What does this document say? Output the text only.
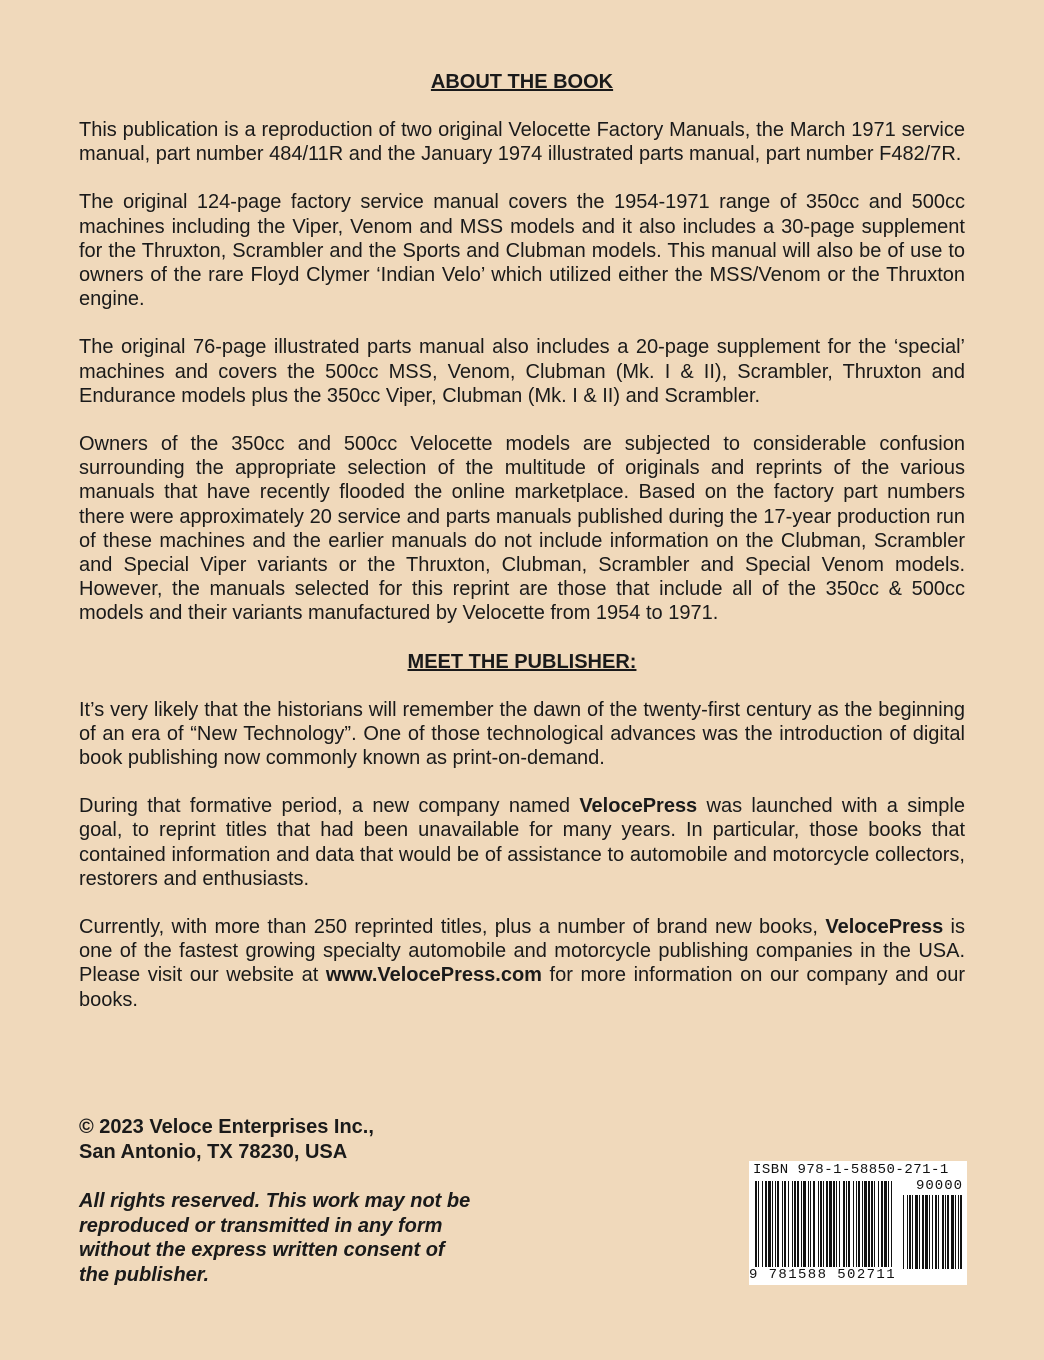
ABOUT THE BOOK

This publication is a reproduction of two original Velocette Factory Manuals, the March 1971 service manual, part number 484/11R and the January 1974 illustrated parts manual, part number F482/7R.

The original 124-page factory service manual covers the 1954-1971 range of 350cc and 500cc machines including the Viper, Venom and MSS models and it also includes a 30-page supplement for the Thruxton, Scrambler and the Sports and Clubman models. This manual will also be of use to owners of the rare Floyd Clymer ‘Indian Velo’ which utilized either the MSS/Venom or the Thruxton engine.

The original 76-page illustrated parts manual also includes a 20-page supplement for the ‘special’ machines and covers the 500cc MSS, Venom, Clubman (Mk. I & II), Scrambler, Thruxton and Endurance models plus the 350cc Viper, Clubman (Mk. I & II) and Scrambler.

Owners of the 350cc and 500cc Velocette models are subjected to considerable confusion surrounding the appropriate selection of the multitude of originals and reprints of the various manuals that have recently flooded the online marketplace. Based on the factory part numbers there were approximately 20 service and parts manuals published during the 17-year production run of these machines and the earlier manuals do not include information on the Clubman, Scrambler and Special Viper variants or the Thruxton, Clubman, Scrambler and Special Venom models. However, the manuals selected for this reprint are those that include all of the 350cc & 500cc models and their variants manufactured by Velocette from 1954 to 1971.

MEET THE PUBLISHER:

It’s very likely that the historians will remember the dawn of the twenty-first century as the beginning of an era of “New Technology”. One of those technological advances was the introduction of digital book publishing now commonly known as print-on-demand.

During that formative period, a new company named VelocePress was launched with a simple goal, to reprint titles that had been unavailable for many years. In particular, those books that contained information and data that would be of assistance to automobile and motorcycle collectors, restorers and enthusiasts.

Currently, with more than 250 reprinted titles, plus a number of brand new books, VelocePress is one of the fastest growing specialty automobile and motorcycle publishing companies in the USA. Please visit our website at www.VelocePress.com for more information on our company and our books.

© 2023 Veloce Enterprises Inc.,
San Antonio, TX 78230, USA
All rights reserved. This work may not be reproduced or transmitted in any form without the express written consent of the publisher.
ISBN 978-1-58850-271-1
90000
9 781588 502711
